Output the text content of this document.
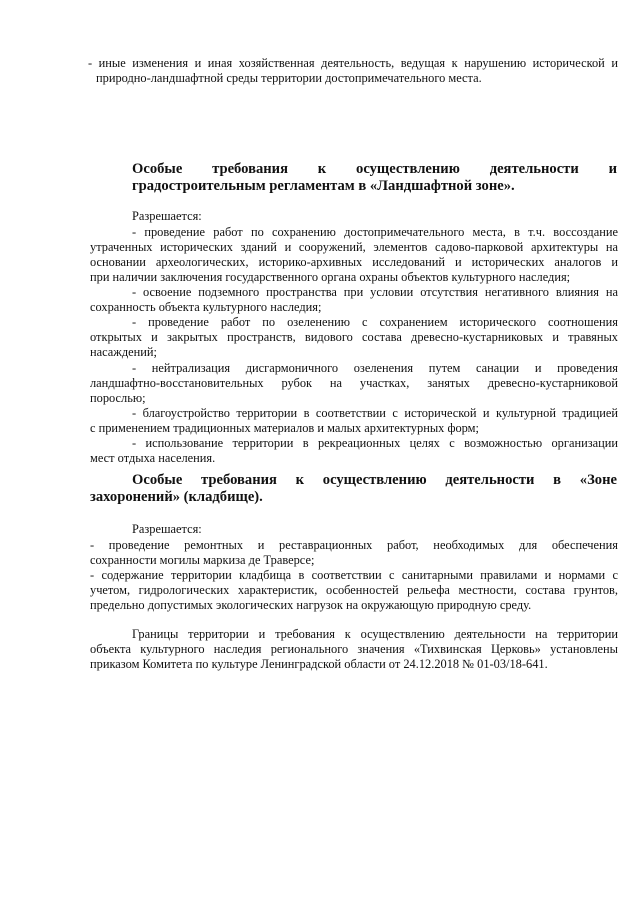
- иные изменения и иная хозяйственная деятельность, ведущая к нарушению исторической и
природно-ландшафтной среды территории достопримечательного места.
Особые требования к осуществлению деятельности и
градостроительным регламентам в «Ландшафтной зоне».
Разрешается:
- проведение работ по сохранению достопримечательного места, в т.ч. воссоздание
утраченных исторических зданий и сооружений, элементов садово-парковой архитектуры на
основании археологических, историко-архивных исследований и исторических аналогов и
при наличии заключения государственного органа охраны объектов культурного наследия;
- освоение подземного пространства при условии отсутствия негативного влияния на
сохранность объекта культурного наследия;
- проведение работ по озеленению с сохранением исторического соотношения
открытых и закрытых пространств, видового состава древесно-кустарниковых и травяных
насаждений;
- нейтрализация дисгармоничного озеленения путем санации и проведения
ландшафтно-восстановительных рубок на участках, занятых древесно-кустарниковой
порослью;
- благоустройство территории в соответствии с исторической и культурной традицией
с применением традиционных материалов и малых архитектурных форм;
- использование территории в рекреационных целях с возможностью организации
мест отдыха населения.
Особые требования к осуществлению деятельности в «Зоне
захоронений» (кладбище).
Разрешается:
- проведение ремонтных и реставрационных работ, необходимых для обеспечения
сохранности могилы маркиза де Траверсе;
- содержание территории кладбища в соответствии с санитарными правилами и нормами с
учетом, гидрологических характеристик, особенностей рельефа местности, состава грунтов,
предельно допустимых экологических нагрузок на окружающую природную среду.
Границы территории и требования к осуществлению деятельности на территории
объекта культурного наследия регионального значения «Тихвинская Церковь» установлены
приказом Комитета по культуре Ленинградской области от 24.12.2018 № 01-03/18-641.
